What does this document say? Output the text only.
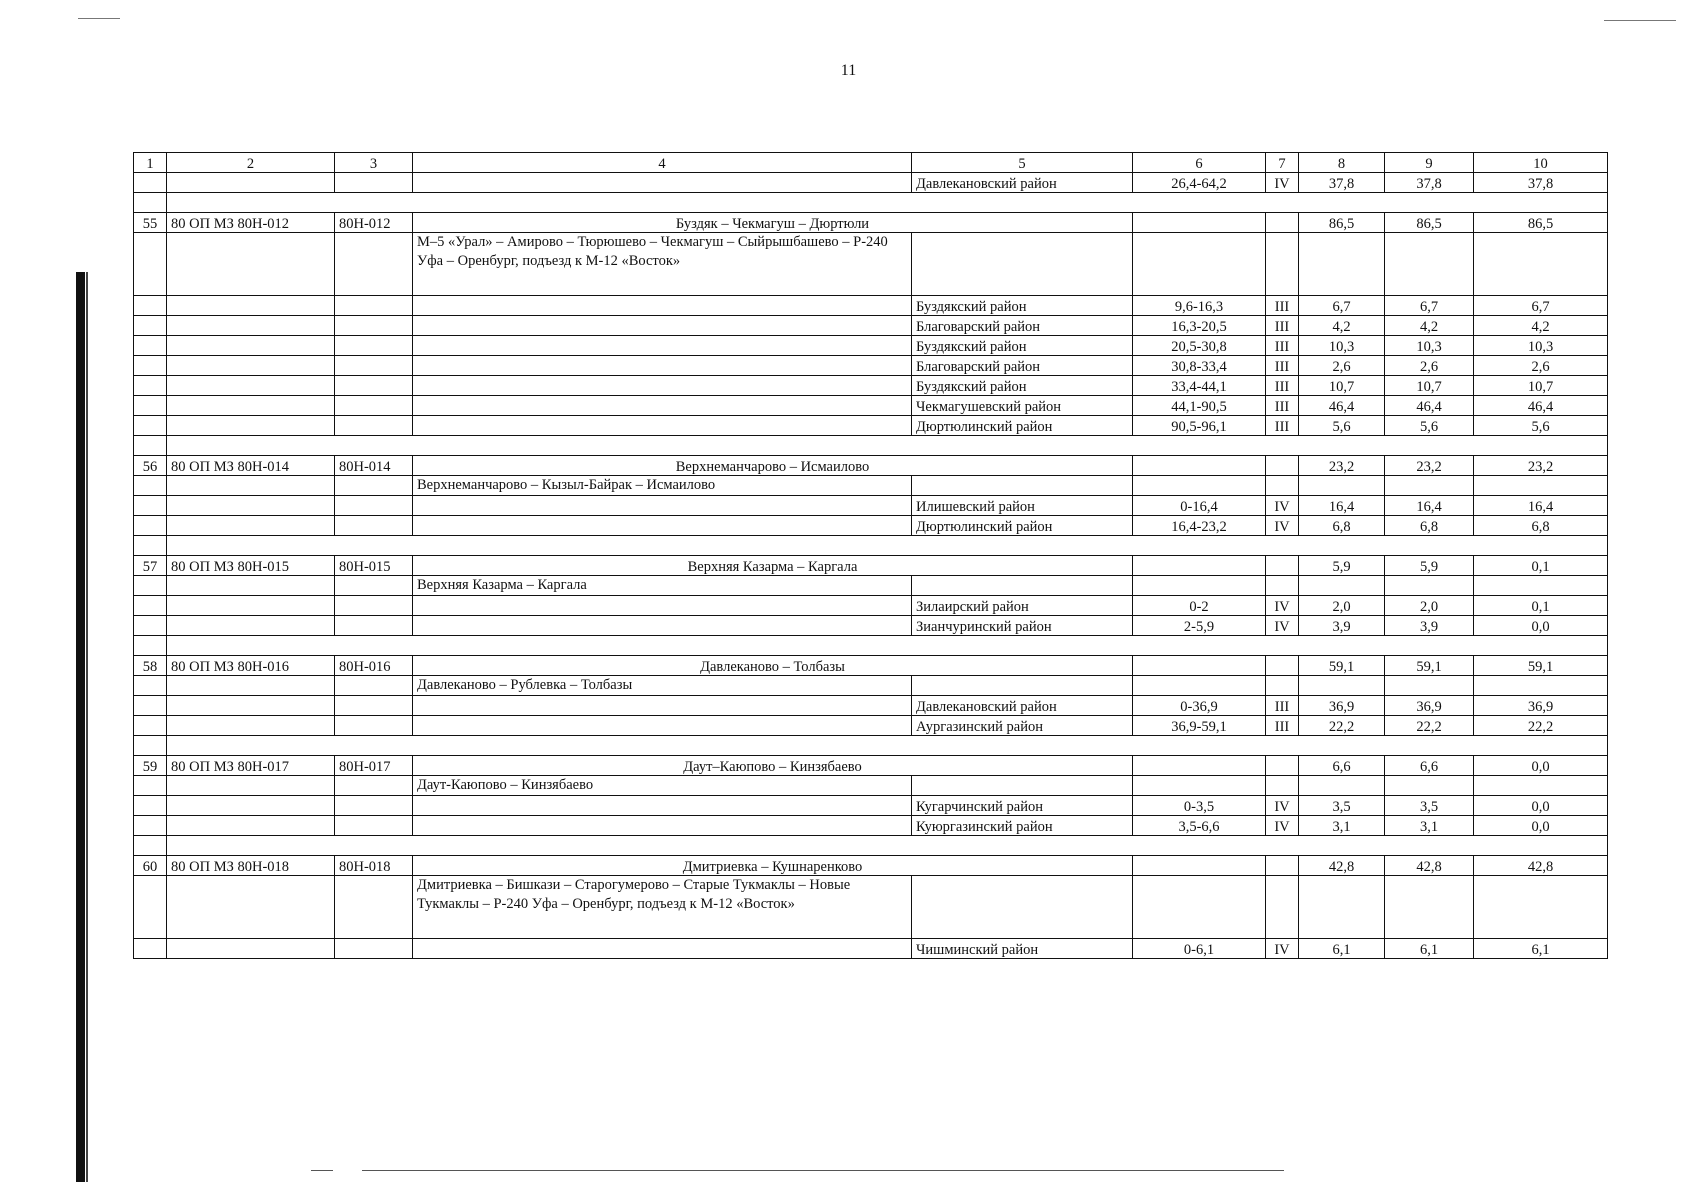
11
1	2	3	4	5	6	7	8	9	10
				Давлекановский район	26,4-64,2	IV	37,8	37,8	37,8

55	80 ОП МЗ 80Н-012	80Н-012	Буздяк – Чекмагуш – Дюртюли				86,5	86,5	86,5
			М–5 «Урал» – Амирово – Тюрюшево – Чекмагуш – Сыйрышбашево – Р-240 Уфа – Оренбург, подъезд к М-12 «Восток»						
				Буздякский район	9,6-16,3	III	6,7	6,7	6,7
				Благоварский район	16,3-20,5	III	4,2	4,2	4,2
				Буздякский район	20,5-30,8	III	10,3	10,3	10,3
				Благоварский район	30,8-33,4	III	2,6	2,6	2,6
				Буздякский район	33,4-44,1	III	10,7	10,7	10,7
				Чекмагушевский район	44,1-90,5	III	46,4	46,4	46,4
				Дюртюлинский район	90,5-96,1	III	5,6	5,6	5,6

56	80 ОП МЗ 80Н-014	80Н-014	Верхнеманчарово – Исмаилово				23,2	23,2	23,2
			Верхнеманчарово – Кызыл-Байрак – Исмаилово						
				Илишевский район	0-16,4	IV	16,4	16,4	16,4
				Дюртюлинский район	16,4-23,2	IV	6,8	6,8	6,8

57	80 ОП МЗ 80Н-015	80Н-015	Верхняя Казарма – Каргала				5,9	5,9	0,1
			Верхняя Казарма – Каргала						
				Зилаирский район	0-2	IV	2,0	2,0	0,1
				Зианчуринский район	2-5,9	IV	3,9	3,9	0,0

58	80 ОП МЗ 80Н-016	80Н-016	Давлеканово – Толбазы				59,1	59,1	59,1
			Давлеканово – Рублевка – Толбазы						
				Давлекановский район	0-36,9	III	36,9	36,9	36,9
				Аургазинский район	36,9-59,1	III	22,2	22,2	22,2

59	80 ОП МЗ 80Н-017	80Н-017	Даут–Каюпово – Кинзябаево				6,6	6,6	0,0
			Даут-Каюпово – Кинзябаево						
				Кугарчинский район	0-3,5	IV	3,5	3,5	0,0
				Куюргазинский район	3,5-6,6	IV	3,1	3,1	0,0

60	80 ОП МЗ 80Н-018	80Н-018	Дмитриевка – Кушнаренково				42,8	42,8	42,8
			Дмитриевка – Бишкази – Старогумерово – Старые Тукмаклы – Новые Тукмаклы – Р-240 Уфа – Оренбург, подъезд к М-12 «Восток»						
				Чишминский район	0-6,1	IV	6,1	6,1	6,1
